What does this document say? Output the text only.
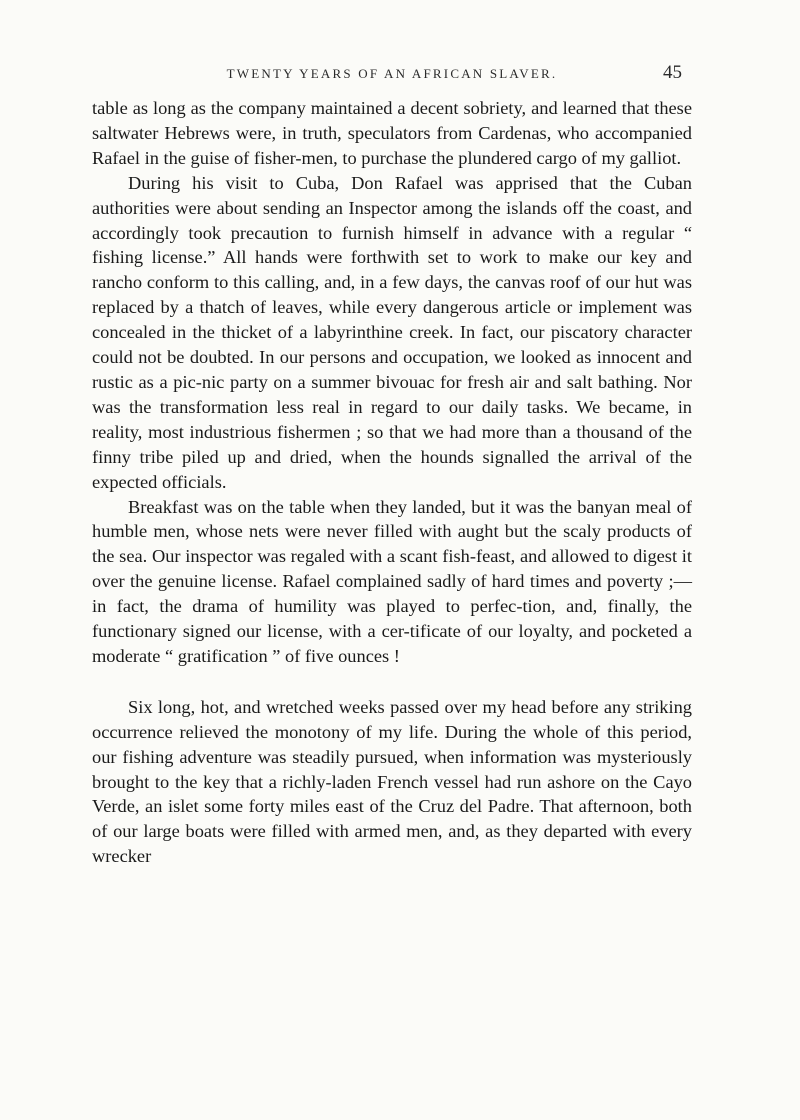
TWENTY YEARS OF AN AFRICAN SLAVER.	45

table as long as the company maintained a decent sobriety, and learned that these saltwater Hebrews were, in truth, speculators from Cardenas, who accompanied Rafael in the guise of fisher-men, to purchase the plundered cargo of my galliot.

During his visit to Cuba, Don Rafael was apprised that the Cuban authorities were about sending an Inspector among the islands off the coast, and accordingly took precaution to furnish himself in advance with a regular “ fishing license.” All hands were forthwith set to work to make our key and rancho conform to this calling, and, in a few days, the canvas roof of our hut was replaced by a thatch of leaves, while every dangerous article or implement was concealed in the thicket of a labyrinthine creek. In fact, our piscatory character could not be doubted. In our persons and occupation, we looked as innocent and rustic as a pic-nic party on a summer bivouac for fresh air and salt bathing. Nor was the transformation less real in regard to our daily tasks. We became, in reality, most industrious fishermen ; so that we had more than a thousand of the finny tribe piled up and dried, when the hounds signalled the arrival of the expected officials.

Breakfast was on the table when they landed, but it was the banyan meal of humble men, whose nets were never filled with aught but the scaly products of the sea. Our inspector was regaled with a scant fish-feast, and allowed to digest it over the genuine license. Rafael complained sadly of hard times and poverty ;—in fact, the drama of humility was played to perfec-tion, and, finally, the functionary signed our license, with a cer-tificate of our loyalty, and pocketed a moderate “ gratification ” of five ounces !

Six long, hot, and wretched weeks passed over my head before any striking occurrence relieved the monotony of my life. During the whole of this period, our fishing adventure was steadily pursued, when information was mysteriously brought to the key that a richly-laden French vessel had run ashore on the Cayo Verde, an islet some forty miles east of the Cruz del Padre. That afternoon, both of our large boats were filled with armed men, and, as they departed with every wrecker
